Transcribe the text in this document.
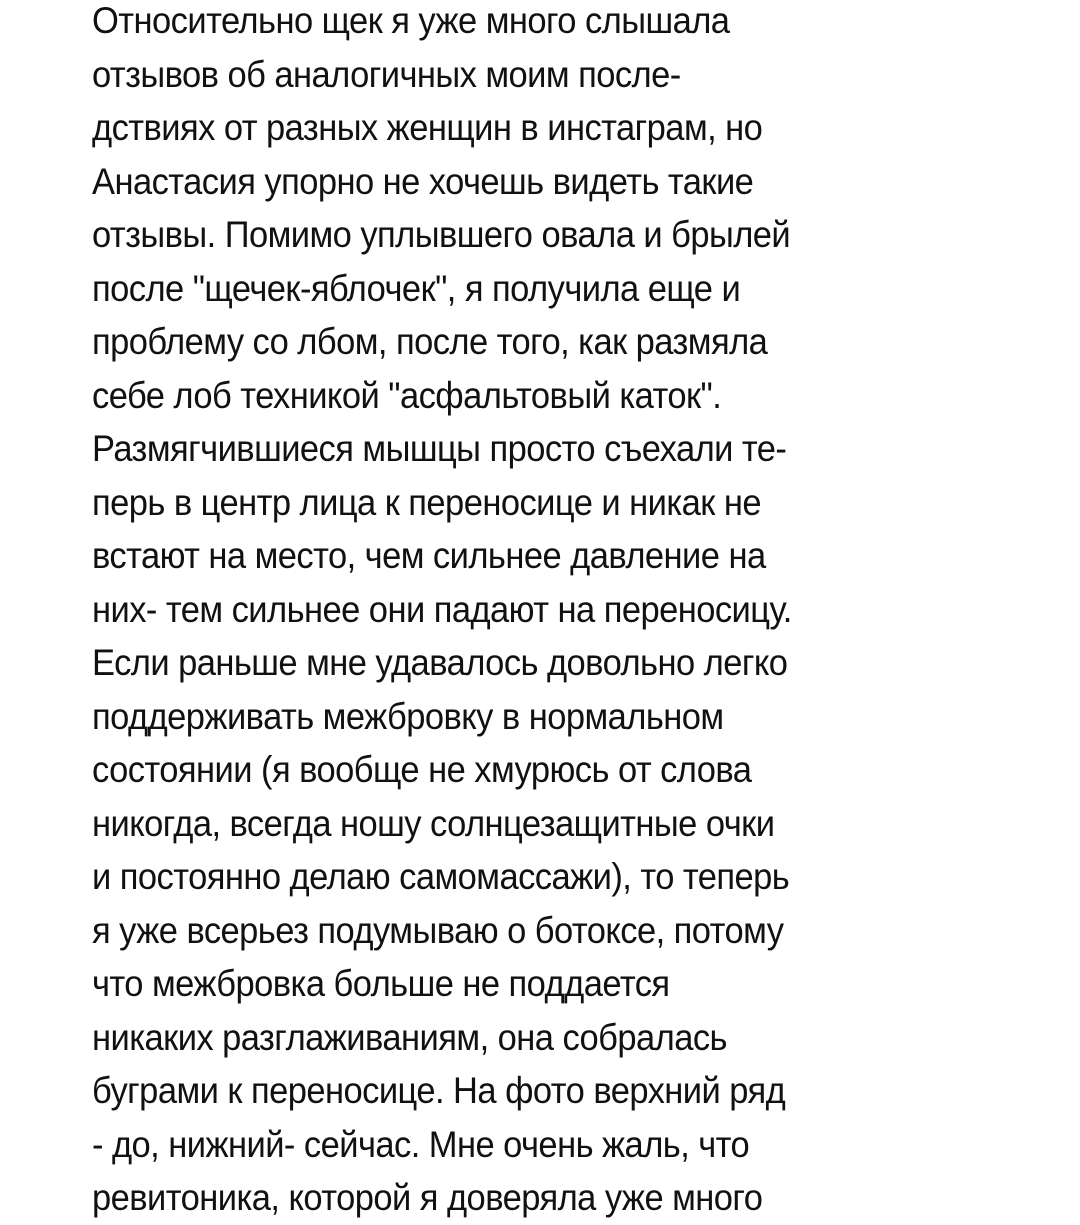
Относительно щек я уже много слышала
отзывов об аналогичных моим после-
дствиях от разных женщин в инстаграм, но
Анастасия упорно не хочешь видеть такие
отзывы. Помимо уплывшего овала и брылей
после "щечек-яблочек", я получила еще и
проблему со лбом, после того, как размяла
себе лоб техникой "асфальтовый каток".
Размягчившиеся мышцы просто съехали те-
перь в центр лица к переносице и никак не
встают на место, чем сильнее давление на
них- тем сильнее они падают на переносицу.
Если раньше мне удавалось довольно легко
поддерживать межбровку в нормальном
состоянии (я вообще не хмурюсь от слова
никогда, всегда ношу солнцезащитные очки
и постоянно делаю самомассажи), то теперь
я уже всерьез подумываю о ботоксе, потому
что межбровка больше не поддается
никаких разглаживаниям, она собралась
буграми к переносице. На фото верхний ряд
- до, нижний- сейчас. Мне очень жаль, что
ревитоника, которой я доверяла уже много
